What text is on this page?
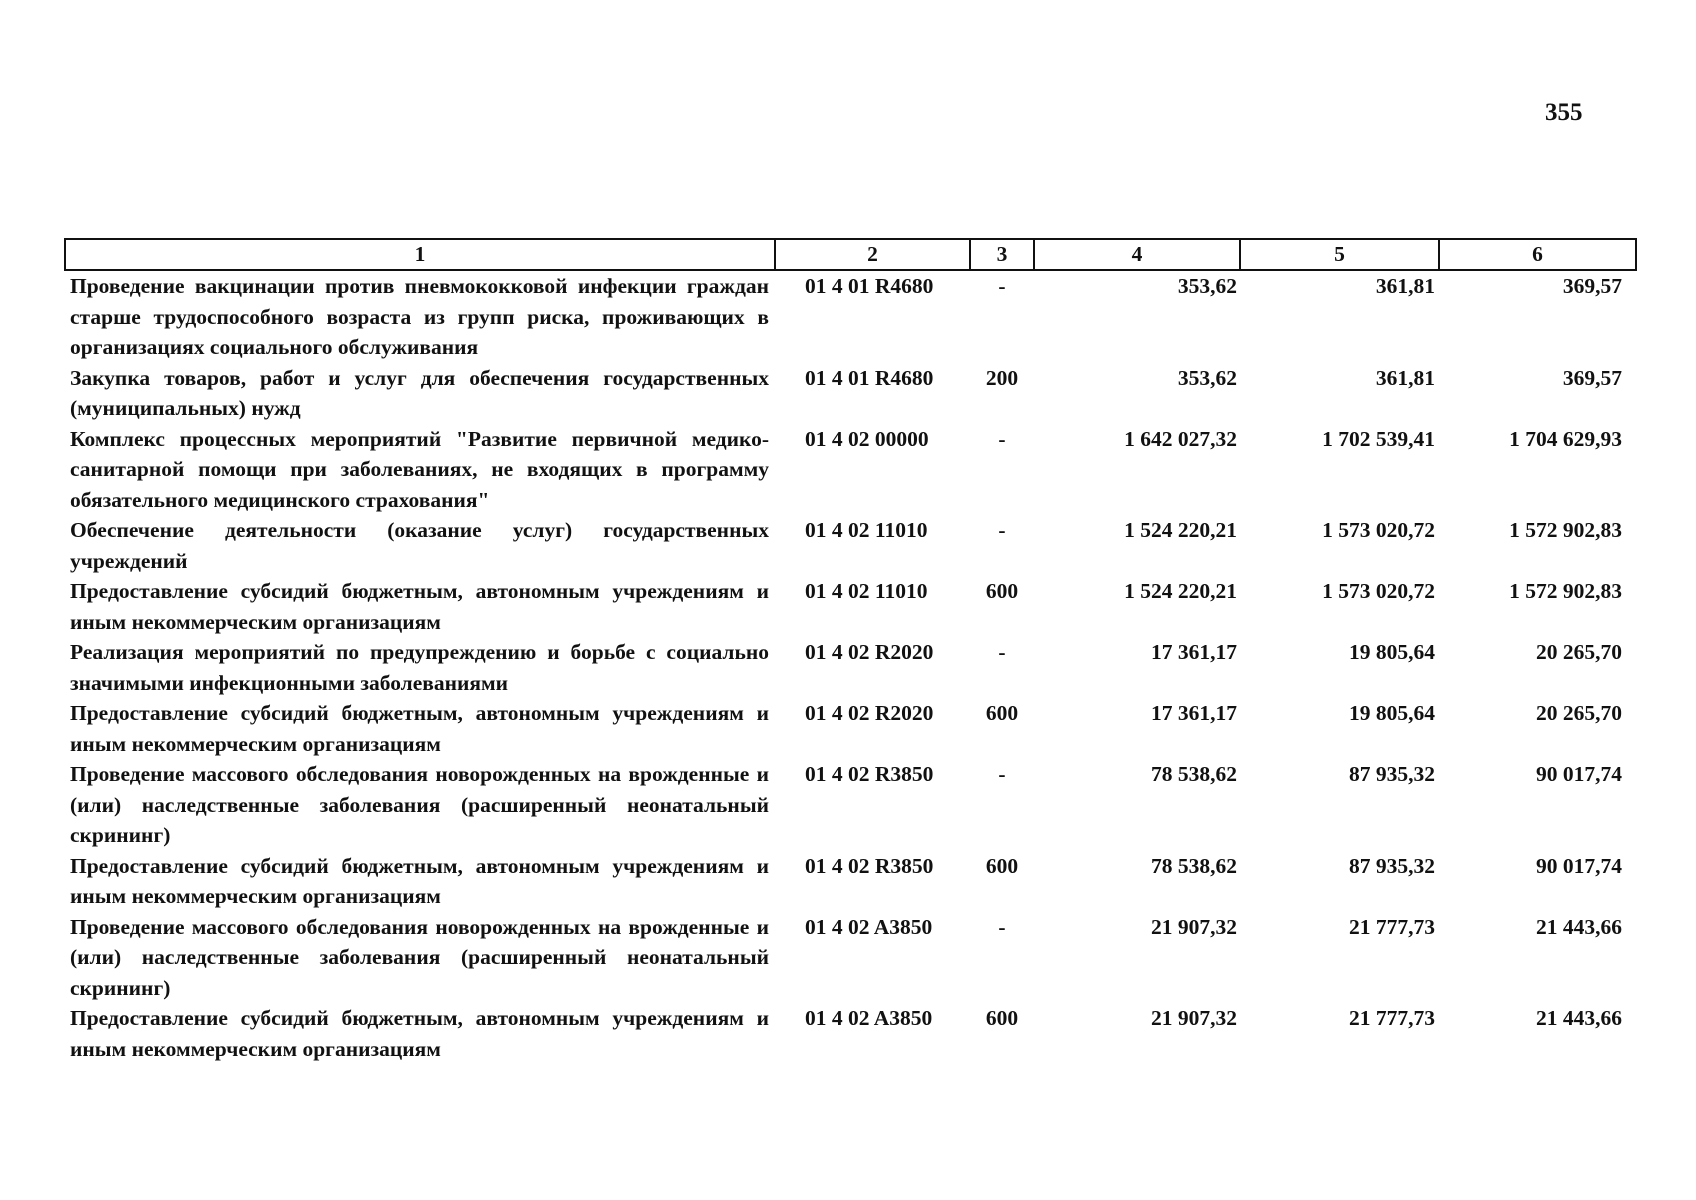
355
1	2	3	4	5	6
Проведение вакцинации против пневмококковой инфекции граждан старше трудоспособного возраста из групп риска, проживающих в организациях социального обслуживания	01 4 01 R4680	-	353,62	361,81	369,57
Закупка товаров, работ и услуг для обеспечения государственных (муниципальных) нужд	01 4 01 R4680	200	353,62	361,81	369,57
Комплекс процессных мероприятий "Развитие первичной медико-санитарной помощи при заболеваниях, не входящих в программу обязательного медицинского страхования"	01 4 02 00000	-	1 642 027,32	1 702 539,41	1 704 629,93
Обеспечение деятельности (оказание услуг) государственных учреждений	01 4 02 11010	-	1 524 220,21	1 573 020,72	1 572 902,83
Предоставление субсидий бюджетным, автономным учреждениям и иным некоммерческим организациям	01 4 02 11010	600	1 524 220,21	1 573 020,72	1 572 902,83
Реализация мероприятий по предупреждению и борьбе с социально значимыми инфекционными заболеваниями	01 4 02 R2020	-	17 361,17	19 805,64	20 265,70
Предоставление субсидий бюджетным, автономным учреждениям и иным некоммерческим организациям	01 4 02 R2020	600	17 361,17	19 805,64	20 265,70
Проведение массового обследования новорожденных на врожденные и (или) наследственные заболевания (расширенный неонатальный скрининг)	01 4 02 R3850	-	78 538,62	87 935,32	90 017,74
Предоставление субсидий бюджетным, автономным учреждениям и иным некоммерческим организациям	01 4 02 R3850	600	78 538,62	87 935,32	90 017,74
Проведение массового обследования новорожденных на врожденные и (или) наследственные заболевания (расширенный неонатальный скрининг)	01 4 02 A3850	-	21 907,32	21 777,73	21 443,66
Предоставление субсидий бюджетным, автономным учреждениям и иным некоммерческим организациям	01 4 02 A3850	600	21 907,32	21 777,73	21 443,66
